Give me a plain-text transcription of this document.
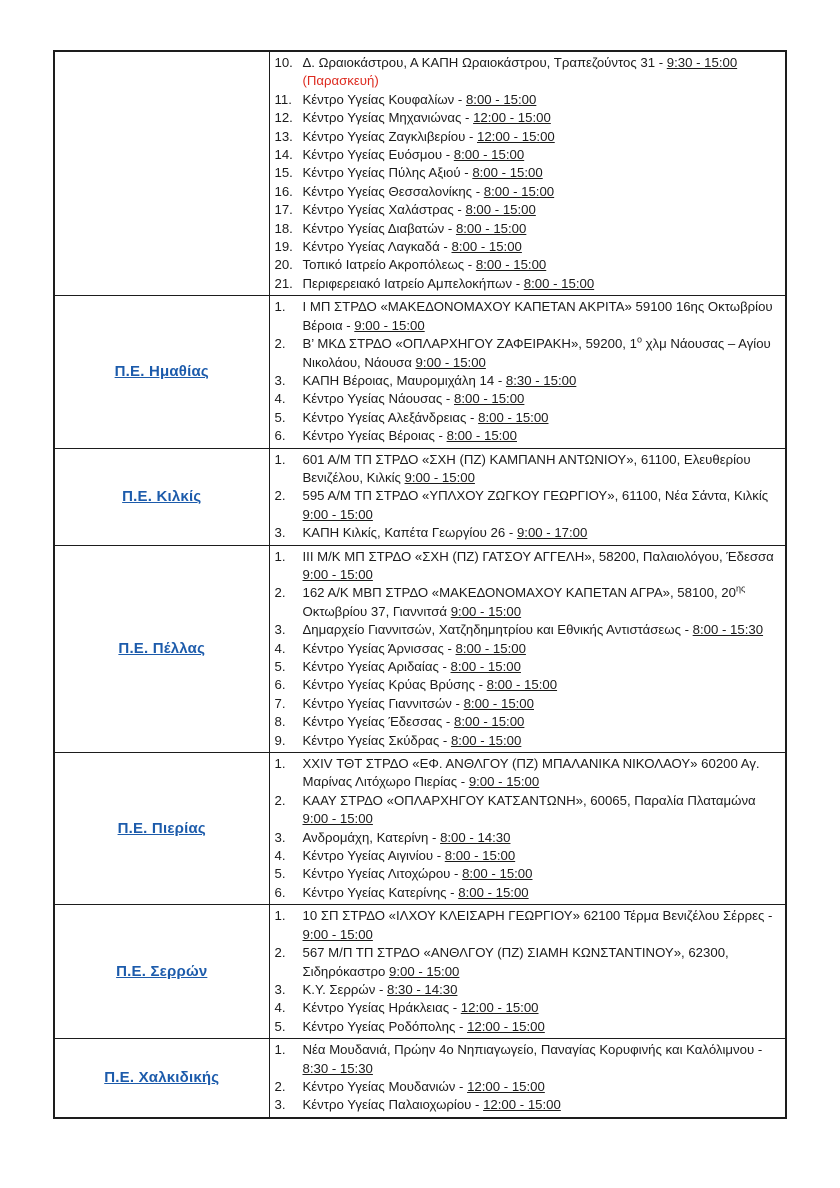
10. Δ. Ωραιοκάστρου, Α ΚΑΠΗ Ωραιοκάστρου, Τραπεζούντος 31 - 9:30 - 15:00
(Παρασκευή)
11. Κέντρο Υγείας Κουφαλίων - 8:00 - 15:00
12. Κέντρο Υγείας Μηχανιώνας - 12:00 - 15:00
13. Κέντρο Υγείας Ζαγκλιβερίου - 12:00 - 15:00
14. Κέντρο Υγείας Ευόσμου - 8:00 - 15:00
15. Κέντρο Υγείας Πύλης Αξιού - 8:00 - 15:00
16. Κέντρο Υγείας Θεσσαλονίκης - 8:00 - 15:00
17. Κέντρο Υγείας Χαλάστρας - 8:00 - 15:00
18. Κέντρο Υγείας Διαβατών - 8:00 - 15:00
19. Κέντρο Υγείας Λαγκαδά - 8:00 - 15:00
20. Τοπικό Ιατρείο Ακροπόλεως - 8:00 - 15:00
21. Περιφερειακό Ιατρείο Αμπελοκήπων - 8:00 - 15:00

Π.Ε. Ημαθίας	
1.	Ι ΜΠ ΣΤΡΔΟ «ΜΑΚΕΔΟΝΟΜΑΧΟΥ ΚΑΠΕΤΑΝ ΑΚΡΙΤΑ» 59100 16ης Οκτωβρίου Βέροια - 9:00 - 15:00
2.	Β’ ΜΚΔ ΣΤΡΔΟ «ΟΠΛΑΡΧΗΓΟΥ ΖΑΦΕΙΡΑΚΗ», 59200, $1^o$ χλμ Νάουσας – Αγίου Νικολάου, Νάουσα 9:00 - 15:00
3.	ΚΑΠΗ Βέροιας, Μαυρομιχάλη 14 - 8:30 - 15:00
4.	Κέντρο Υγείας Νάουσας - 8:00 - 15:00
5.	Κέντρο Υγείας Αλεξάνδρειας - 8:00 - 15:00
6.	Κέντρο Υγείας Βέροιας - 8:00 - 15:00

Π.Ε. Κιλκίς	
1.	601 Α/Μ ΤΠ ΣΤΡΔΟ «ΣΧΗ (ΠΖ) ΚΑΜΠΑΝΗ ΑΝΤΩΝΙΟΥ», 61100, Ελευθερίου Βενιζέλου, Κιλκίς 9:00 - 15:00
2.	595 Α/Μ ΤΠ ΣΤΡΔΟ «ΥΠΛΧΟΥ ΖΩΓΚΟΥ ΓΕΩΡΓΙΟΥ», 61100, Νέα Σάντα, Κιλκίς 9:00 - 15:00
3.	ΚΑΠΗ Κιλκίς, Καπέτα Γεωργίου 26 - 9:00 - 17:00

Π.Ε. Πέλλας	
1.	ΙΙΙ Μ/Κ ΜΠ ΣΤΡΔΟ «ΣΧΗ (ΠΖ) ΓΑΤΣΟΥ ΑΓΓΕΛΗ», 58200, Παλαιολόγου, Έδεσσα 9:00 - 15:00
2.	162 Α/Κ ΜΒΠ ΣΤΡΔΟ «ΜΑΚΕΔΟΝΟΜΑΧΟΥ ΚΑΠΕΤΑΝ ΑΓΡΑ», 58100, $20^{\eta\varsigma}$ Οκτωβρίου 37, Γιαννιτσά 9:00 - 15:00
3.	Δημαρχείο Γιαννιτσών, Χατζηδημητρίου και Εθνικής Αντιστάσεως - 8:00 - 15:30
4.	Κέντρο Υγείας Άρνισσας - 8:00 - 15:00
5.	Κέντρο Υγείας Αριδαίας - 8:00 - 15:00
6.	Κέντρο Υγείας Κρύας Βρύσης - 8:00 - 15:00
7.	Κέντρο Υγείας Γιαννιτσών - 8:00 - 15:00
8.	Κέντρο Υγείας Έδεσσας - 8:00 - 15:00
9.	Κέντρο Υγείας Σκύδρας - 8:00 - 15:00

Π.Ε. Πιερίας	
1.	XXIV ΤΘΤ ΣΤΡΔΟ «ΕΦ. ΑΝΘΛΓΟΥ (ΠΖ) ΜΠΑΛΑΝΙΚΑ ΝΙΚΟΛΑΟΥ» 60200 Αγ. Μαρίνας Λιτόχωρο Πιερίας - 9:00 - 15:00
2.	ΚΑΑΥ ΣΤΡΔΟ «ΟΠΛΑΡΧΗΓΟΥ ΚΑΤΣΑΝΤΩΝΗ», 60065, Παραλία Πλαταμώνα 9:00 - 15:00
3.	Ανδρομάχη, Κατερίνη - 8:00 - 14:30
4.	Κέντρο Υγείας Αιγινίου - 8:00 - 15:00
5.	Κέντρο Υγείας Λιτοχώρου - 8:00 - 15:00
6.	Κέντρο Υγείας Κατερίνης - 8:00 - 15:00

Π.Ε. Σερρών	
1.	10 ΣΠ ΣΤΡΔΟ «ΙΛΧΟΥ ΚΛΕΙΣΑΡΗ ΓΕΩΡΓΙΟΥ» 62100 Τέρμα Βενιζέλου Σέρρες - 9:00 - 15:00
2.	567 Μ/Π ΤΠ ΣΤΡΔΟ «ΑΝΘΛΓΟΥ (ΠΖ) ΣΙΑΜΗ ΚΩΝΣΤΑΝΤΙΝΟΥ», 62300, Σιδηρόκαστρο 9:00 - 15:00
3.	Κ.Υ. Σερρών - 8:30 - 14:30
4.	Κέντρο Υγείας Ηράκλειας - 12:00 - 15:00
5.	Κέντρο Υγείας Ροδόπολης - 12:00 - 15:00

Π.Ε. Χαλκιδικής	
1.	Νέα Μουδανιά, Πρώην 4ο Νηπιαγωγείο, Παναγίας Κορυφινής και Καλόλιμνου - 8:30 - 15:30
2.	Κέντρο Υγείας Μουδανιών - 12:00 - 15:00
3.	Κέντρο Υγείας Παλαιοχωρίου - 12:00 - 15:00
